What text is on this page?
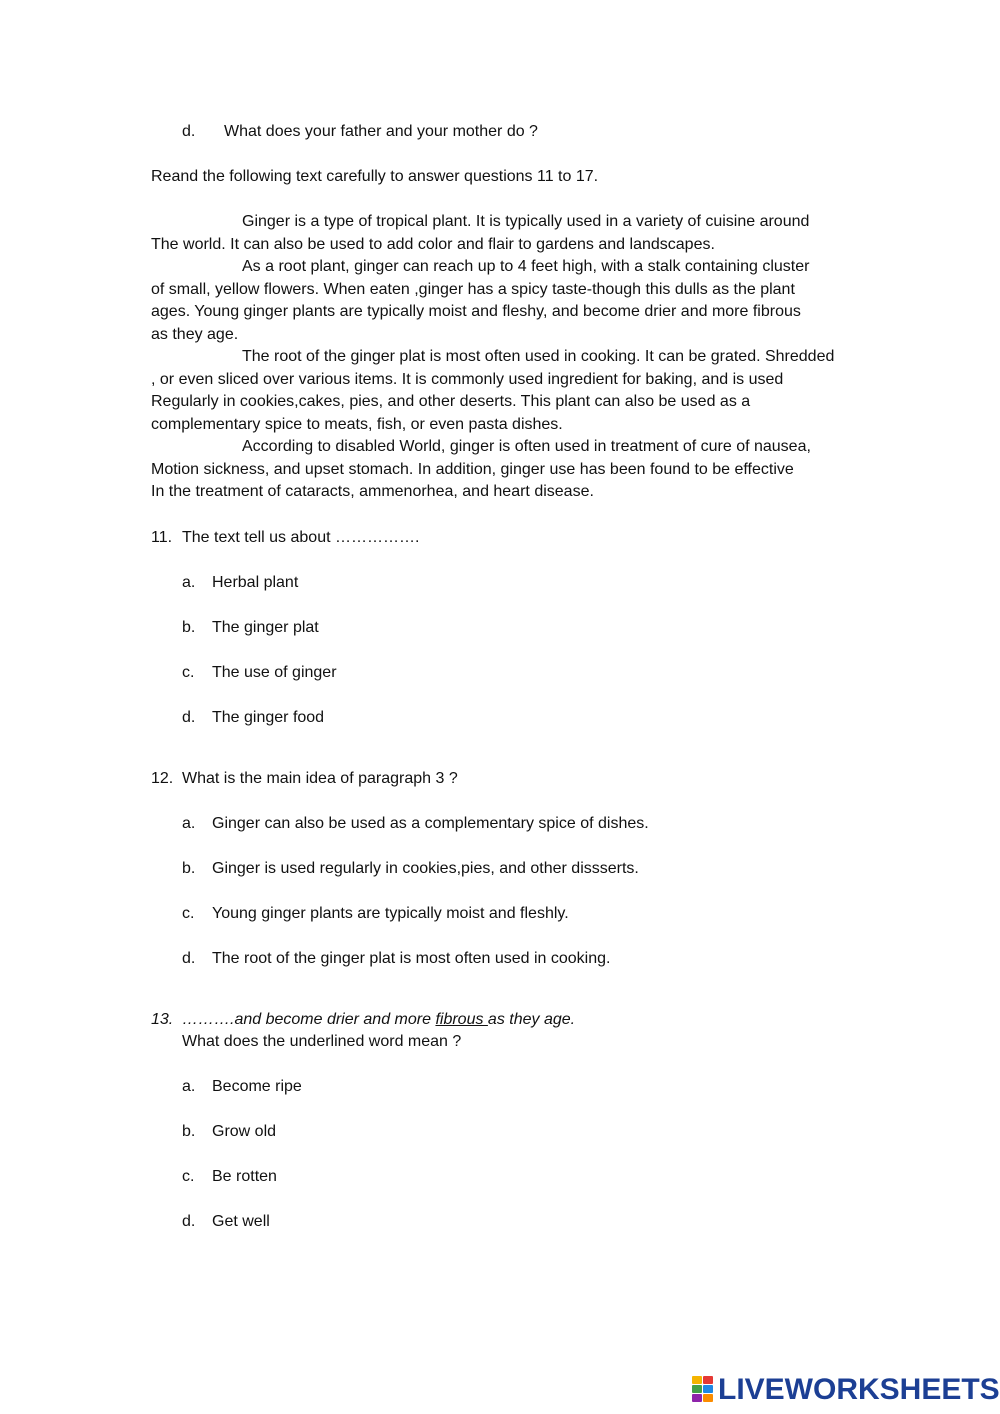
d. What does your father and your mother do ?
Reand the following text carefully to answer questions 11 to 17.
Ginger is a type of tropical plant. It is typically used in a variety of cuisine around
The world. It can also be used to add color and flair to gardens and landscapes.
As a root plant, ginger can reach up to 4 feet high, with a stalk containing cluster
of small, yellow flowers. When eaten ,ginger has a spicy taste-though this dulls as the plant
ages. Young ginger plants are typically moist and fleshy, and become drier and more fibrous
as they age.
The root of the ginger plat is most often used in cooking. It can be grated. Shredded
, or even sliced over various items. It is commonly used ingredient for baking, and is used
Regularly in cookies,cakes, pies, and other deserts. This plant can also be used as a
complementary spice to meats, fish, or even pasta dishes.
According to disabled World, ginger is often used in treatment of cure of nausea,
Motion sickness, and upset stomach. In addition, ginger use has been found to be effective
In the treatment of cataracts, ammenorhea, and heart disease.
11. The text tell us about …………….
a. Herbal plant
b. The ginger plat
c. The use of ginger
d. The ginger food
12. What is the main idea of paragraph 3 ?
a. Ginger can also be used as a complementary spice of dishes.
b. Ginger is used regularly in cookies,pies, and other dissserts.
c. Young ginger plants are typically moist and fleshly.
d. The root of the ginger plat is most often used in cooking.
13. ……….and become drier and more fibrous as they age.
What does the underlined word mean ?
a. Become ripe
b. Grow old
c. Be rotten
d. Get well
LIVEWORKSHEETS
